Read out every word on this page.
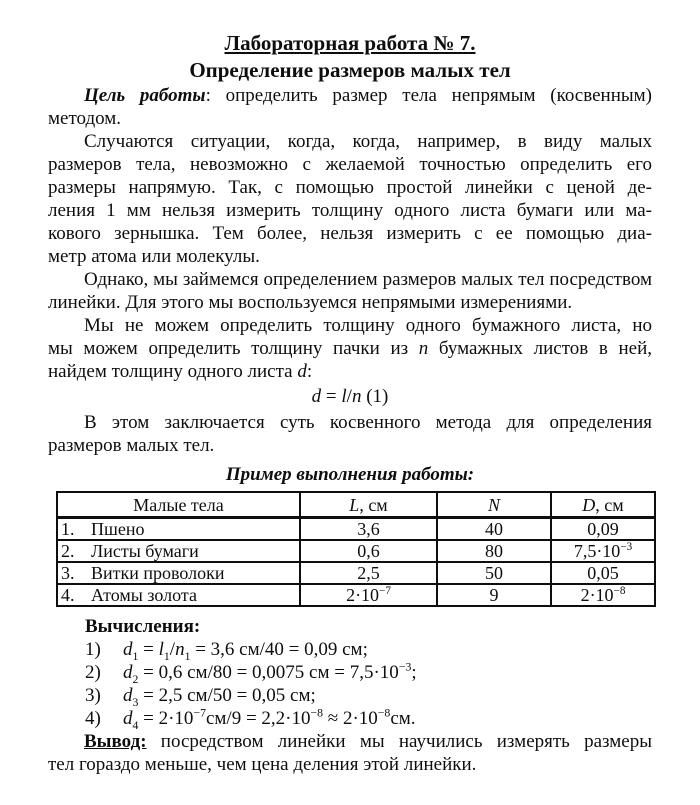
Лабораторная работа № 7.
Определение размеров малых тел
Цель работы: определить размер тела непрямым (косвенным)
методом.
Случаются ситуации, когда, когда, например, в виду малых
размеров тела, невозможно с желаемой точностью определить его
размеры напрямую. Так, с помощью простой линейки с ценой де-
ления 1 мм нельзя измерить толщину одного листа бумаги или ма-
кового зернышка. Тем более, нельзя измерить с ее помощью диа-
метр атома или молекулы.
Однако, мы займемся определением размеров малых тел посредством
линейки. Для этого мы воспользуемся непрямыми измерениями.
Мы не можем определить толщину одного бумажного листа, но
мы можем определить толщину пачки из n бумажных листов в ней,
найдем толщину одного листа d:
d = l/n (1)
В этом заключается суть косвенного метода для определения
размеров малых тел.
Пример выполнения работы:
Малые тела	L, см	N	D, см
1. Пшено	3,6	40	0,09
2. Листы бумаги	0,6	80	$7,5\cdot 10^{-3}$
3. Витки проволоки	2,5	50	0,05
4. Атомы золота	$2\cdot 10^{-7}$	9	$2\cdot 10^{-8}$
Вычисления:
1) $d_1 = l_1/n_1 = 3,6$ см/40 = 0,09 см;
2) $d_2 = 0,6$ см/80 = 0,0075 см = $7,5\cdot 10^{-3}$;
3) $d_3 = 2,5$ см/50 = 0,05 см;
4) $d_4 = 2\cdot 10^{-7}см/9 = 2,2\cdot 10^{-8} \approx 2\cdot 10^{-8}см$.
Вывод: посредством линейки мы научились измерять размеры
тел гораздо меньше, чем цена деления этой линейки.
